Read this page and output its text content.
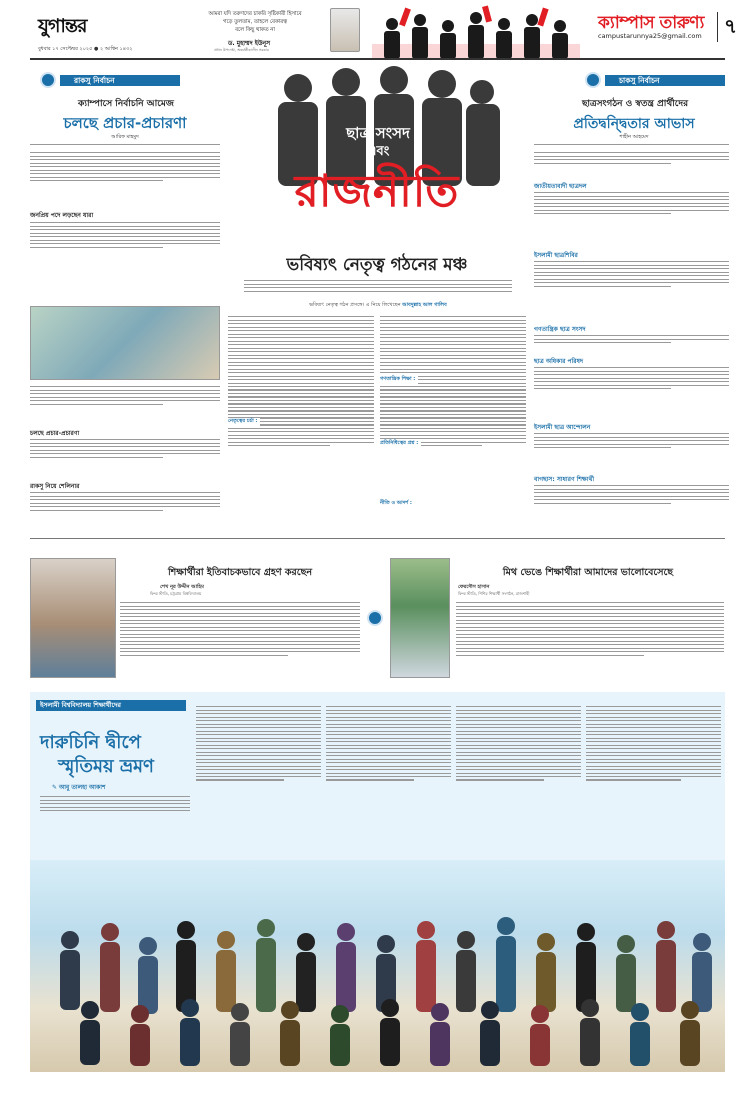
যুগান্তর
বুধবার ১৭ সেপ্টেম্বর ২০২৫ ● ২ আশ্বিন ১৪৩২
আমরা যদি তরুণদের চাকরি সৃষ্টিকারী হিসাবে
গড়ে তুলতাম, তাহলে বেকারত্ব
বলে কিছু থাকত না
ড. মুহাম্মদ ইউনূস
প্রধান উপদেষ্টা, অন্তর্বর্তীকালীন সরকার
ক্যাম্পাস তারুণ্য
campustarunnya25@gmail.com ৭
রাকসু নির্বাচন
ক্যাম্পাসে নির্বাচনি আমেজ
চলছে প্রচার-প্রচারণা
আরিফ মাহমুদ
জনপ্রিয় পদে লড়ছেন যারা
চলছে প্রচার-প্রচারণা
রাকসু নিয়ে শেলিনার
ছাত্র সংসদ
এবং
রাজনীতি
ভবিষ্যৎ নেতৃত্ব গঠনের মঞ্চ
ভবিষ্যৎ নেতৃত্ব গঠন প্রসঙ্গে। এ নিয়ে লিখেছেন আবদুল্লাহ আল গালিব
নেতৃত্বের চর্চা :
গণতান্ত্রিক শিক্ষা :
প্রতিনিধিত্বের প্রশ্ন :
নীতি ও আদর্শ :
চাকসু নির্বাচন
ছাত্রসংগঠন ও স্বতন্ত্র প্রার্থীদের
প্রতিদ্বন্দ্বিতার আভাস
শাহীন আহমেদ
জাতীয়তাবাদী ছাত্রদল
ইসলামী ছাত্রশিবির
গণতান্ত্রিক ছাত্র সংসদ
ছাত্র অধিকার পরিষদ
ইসলামী ছাত্র আন্দোলন
বাগছাস: সাধারণ শিক্ষার্থী
শিক্ষার্থীরা ইতিবাচকভাবে গ্রহণ করছেন
শেখ নূর উদ্দীন আহিম
ফিল্ম স্টাডি, চট্টগ্রাম বিশ্ববিদ্যালয়
মিথ ভেঙে শিক্ষার্থীরা আমাদের ভালোবেসেছে
ফেরদৌস হাসান
ফিল্ম স্টাডি, শিশির শিক্ষার্থী সংগঠন, রাজশাহী
ইসলামী বিশ্ববিদ্যালয় শিক্ষার্থীদের
দারুচিনি দ্বীপে
স্মৃতিময় ভ্রমণ
✎ আবু তালহা আকাশ
